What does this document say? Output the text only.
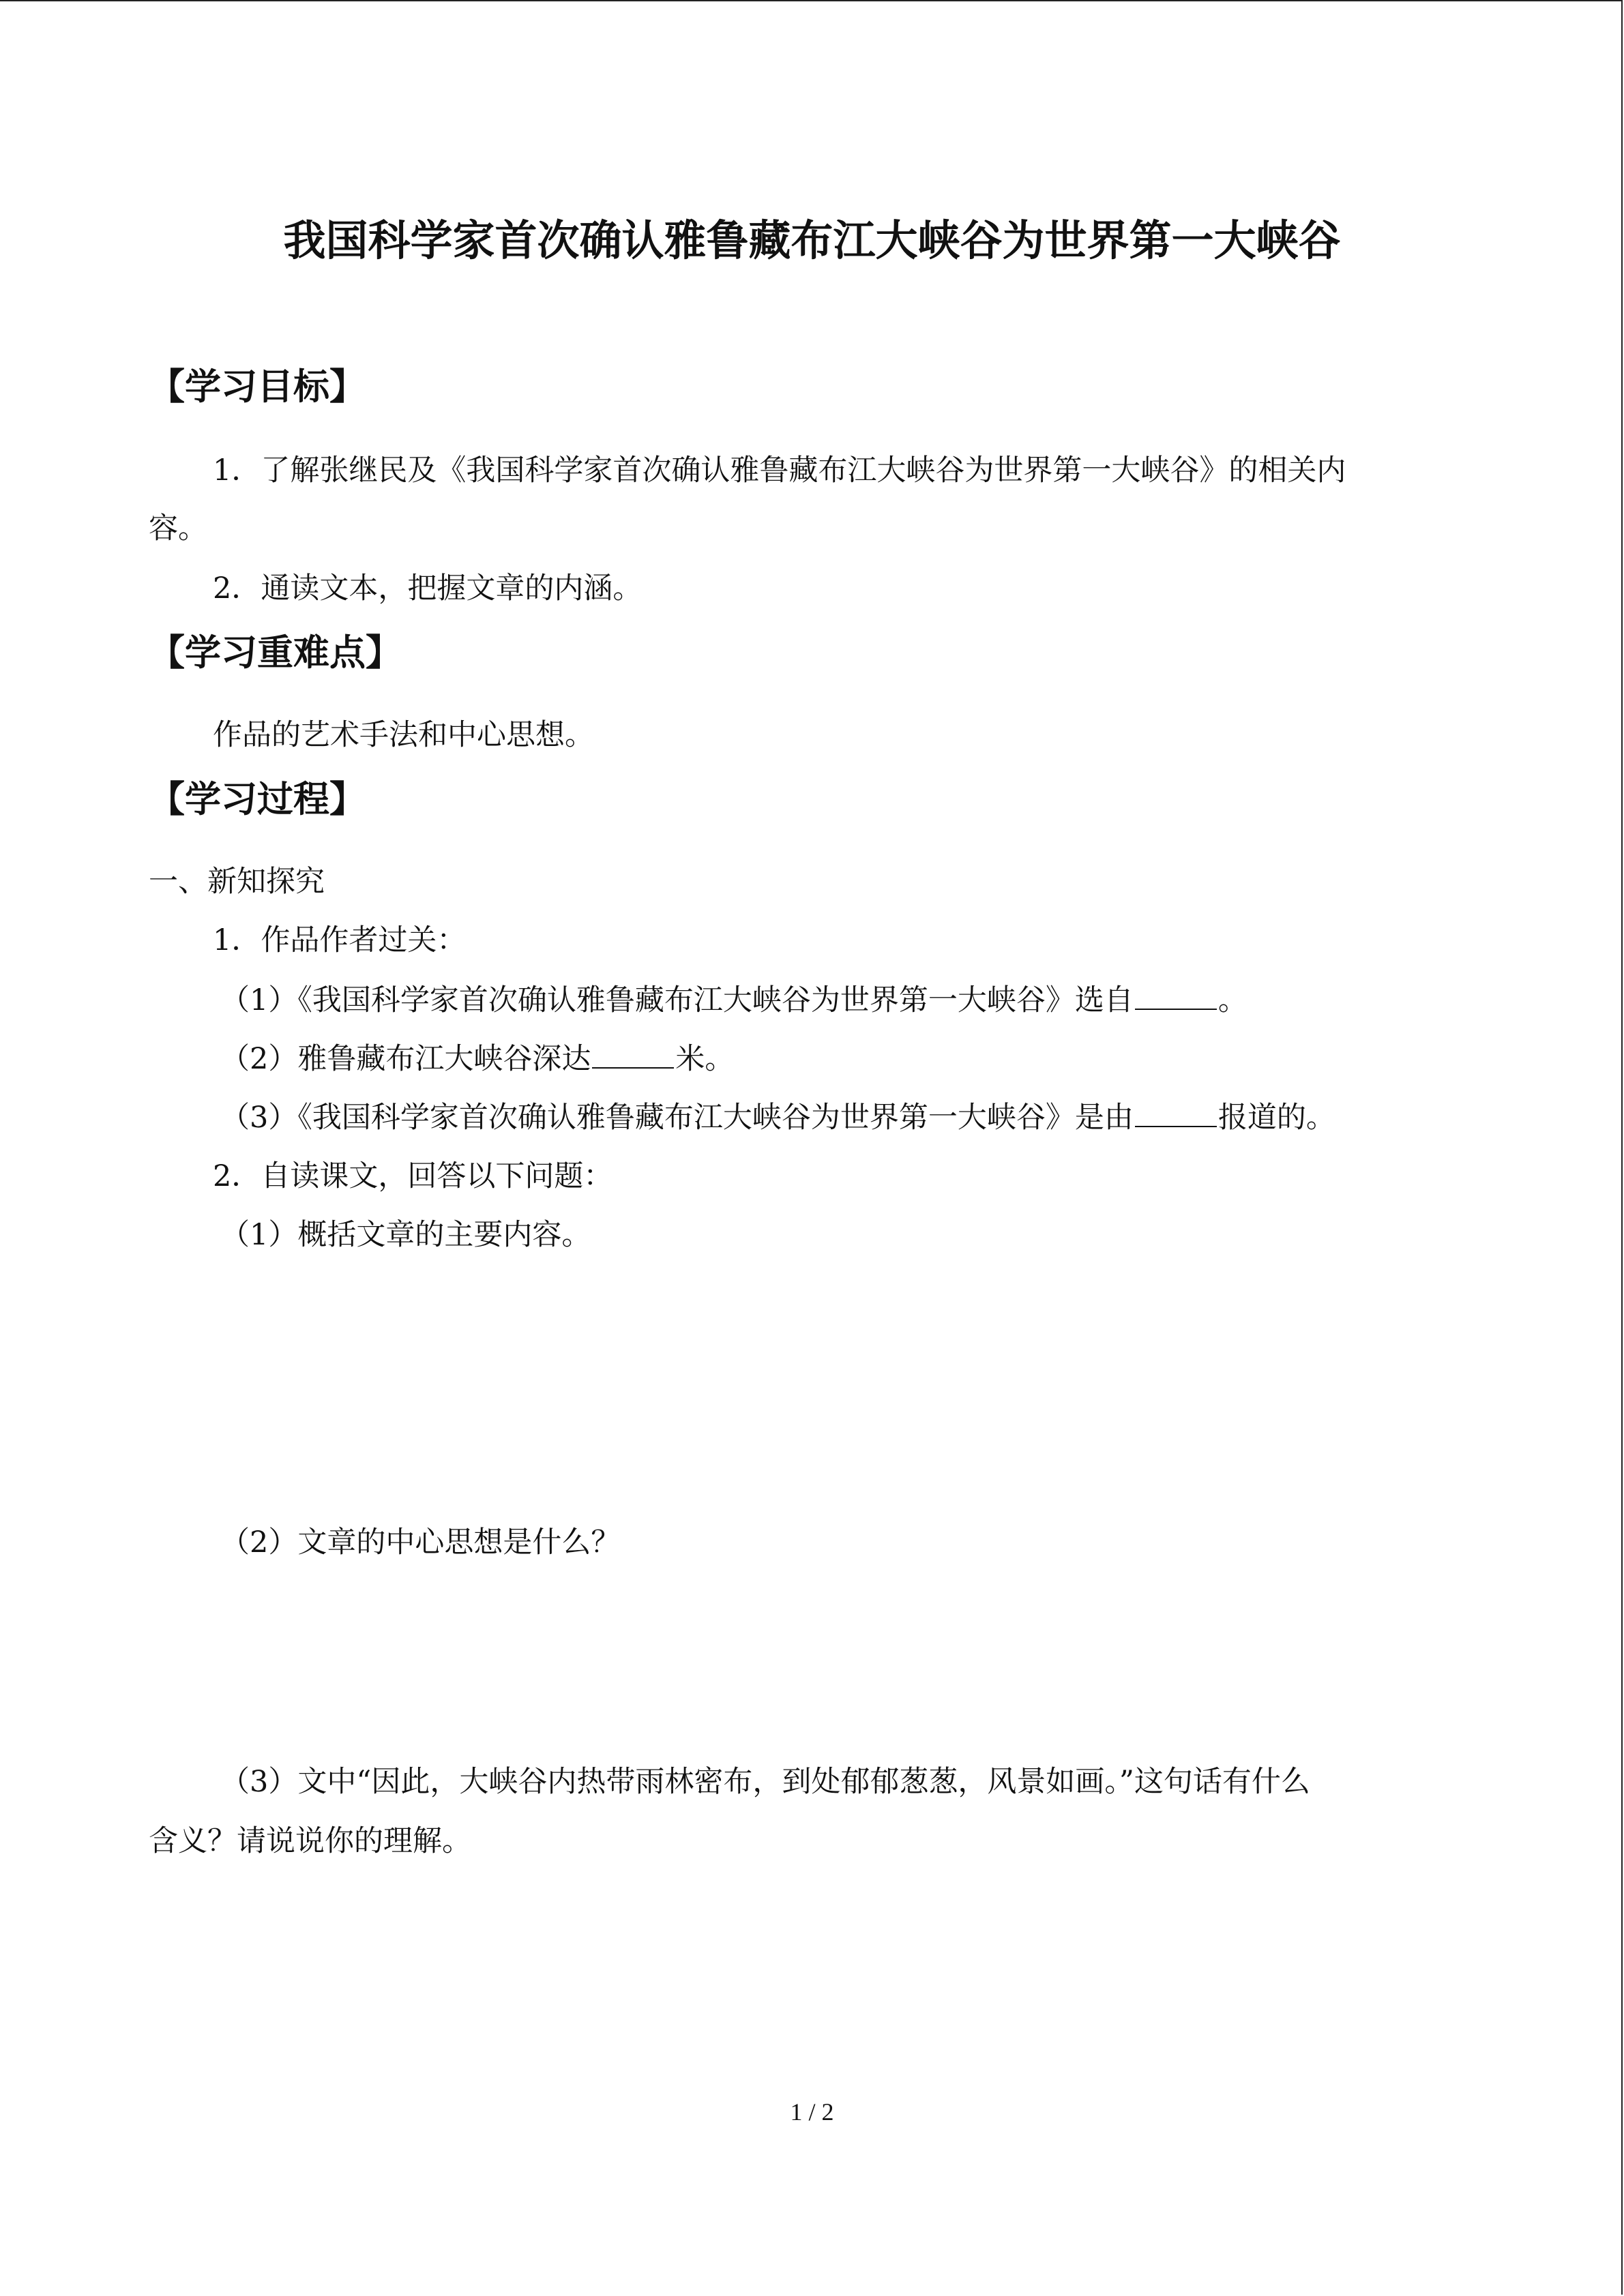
我国科学家首次确认雅鲁藏布江大峡谷为世界第一大峡谷
【学习目标】
1．了解张继民及《我国科学家首次确认雅鲁藏布江大峡谷为世界第一大峡谷》的相关内
容。
2．通读文本，把握文章的内涵。
【学习重难点】
作品的艺术手法和中心思想。
【学习过程】
一、新知探究
1．作品作者过关：
（1）《我国科学家首次确认雅鲁藏布江大峡谷为世界第一大峡谷》选自	。
（2）雅鲁藏布江大峡谷深达	米。
（3）《我国科学家首次确认雅鲁藏布江大峡谷为世界第一大峡谷》是由	报道的。
2．自读课文，回答以下问题：
（1）概括文章的主要内容。
（2）文章的中心思想是什么？
（3）文中“因此，大峡谷内热带雨林密布，到处郁郁葱葱，风景如画。”这句话有什么
含义？请说说你的理解。
1 / 2
